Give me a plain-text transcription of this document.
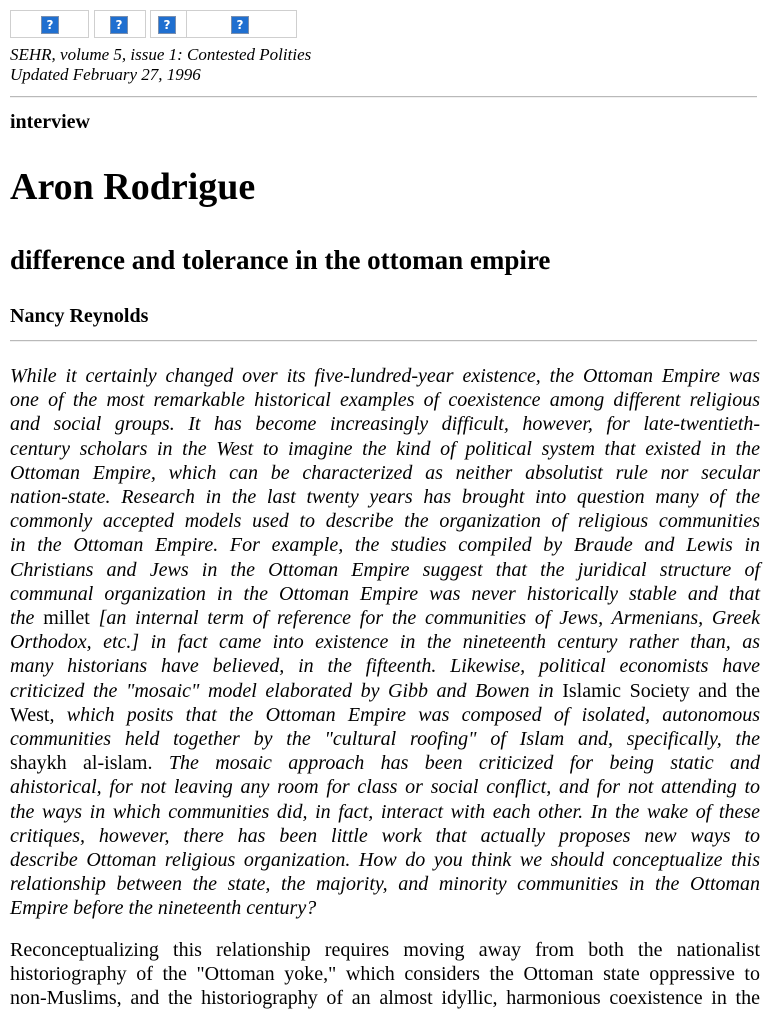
?	?	?	?
SEHR, volume 5, issue 1: Contested Polities
Updated February 27, 1996
interview
Aron Rodrigue
difference and tolerance in the ottoman empire
Nancy Reynolds

While it certainly changed over its five-lundred-year existence, the Ottoman Empire was
one of the most remarkable historical examples of coexistence among different religious
and social groups. It has become increasingly difficult, however, for late-twentieth-
century scholars in the West to imagine the kind of political system that existed in the
Ottoman Empire, which can be characterized as neither absolutist rule nor secular
nation-state. Research in the last twenty years has brought into question many of the
commonly accepted models used to describe the organization of religious communities
in the Ottoman Empire. For example, the studies compiled by Braude and Lewis in
Christians and Jews in the Ottoman Empire suggest that the juridical structure of
communal organization in the Ottoman Empire was never historically stable and that
the millet [an internal term of reference for the communities of Jews, Armenians, Greek
Orthodox, etc.] in fact came into existence in the nineteenth century rather than, as
many historians have believed, in the fifteenth. Likewise, political economists have
criticized the "mosaic" model elaborated by Gibb and Bowen in Islamic Society and the
West, which posits that the Ottoman Empire was composed of isolated, autonomous
communities held together by the "cultural roofing" of Islam and, specifically, the
shaykh al-islam. The mosaic approach has been criticized for being static and
ahistorical, for not leaving any room for class or social conflict, and for not attending to
the ways in which communities did, in fact, interact with each other. In the wake of these
critiques, however, there has been little work that actually proposes new ways to
describe Ottoman religious organization. How do you think we should conceptualize this
relationship between the state, the majority, and minority communities in the Ottoman
Empire before the nineteenth century?

Reconceptualizing this relationship requires moving away from both the nationalist
historiography of the "Ottoman yoke," which considers the Ottoman state oppressive to
non-Muslims, and the historiography of an almost idyllic, harmonious coexistence in the
